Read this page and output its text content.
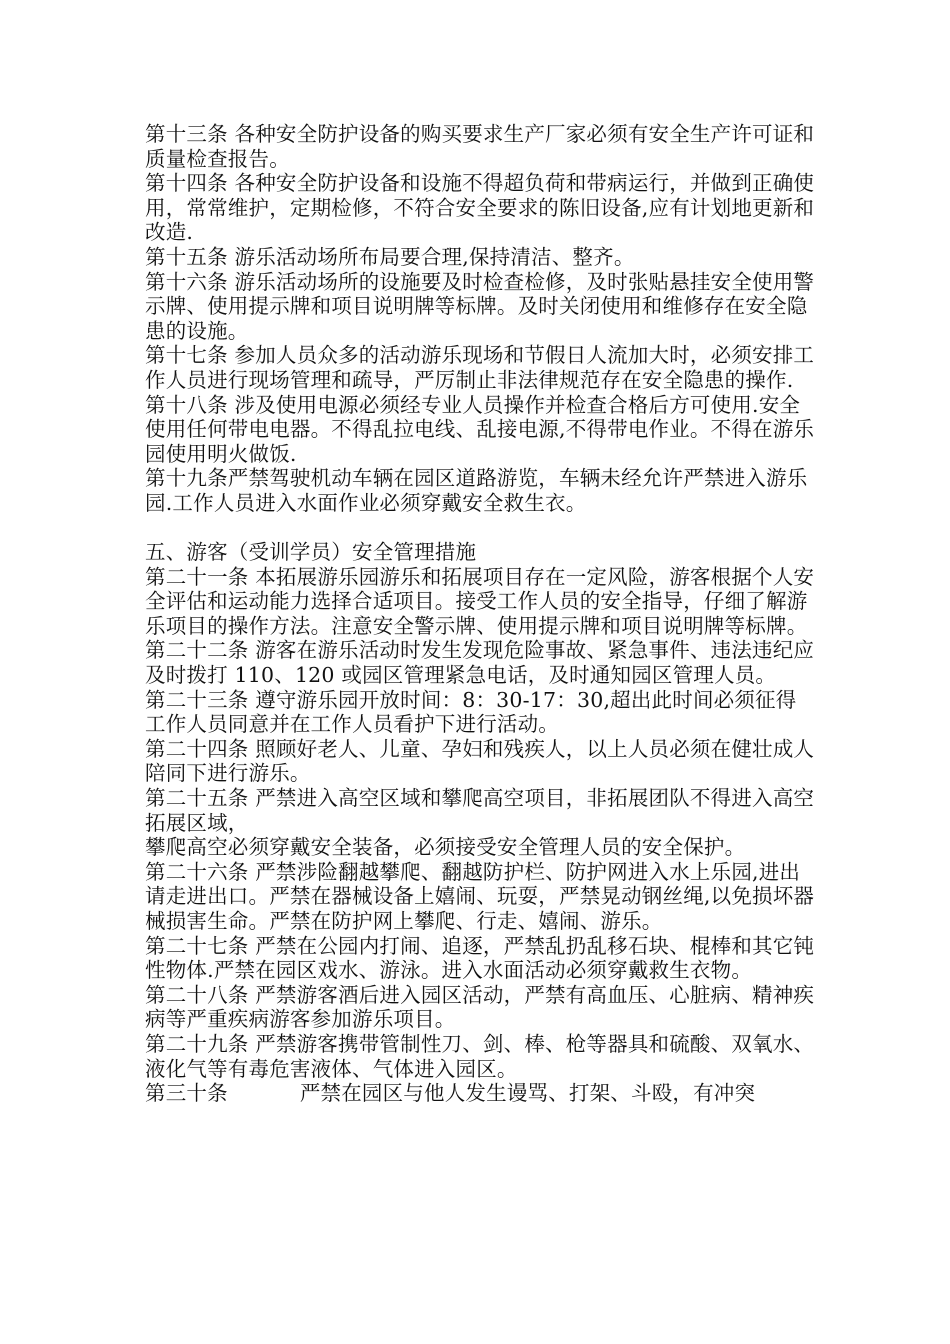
第十三条 各种安全防护设备的购买要求生产厂家必须有安全生产许可证和质量检查报告。

第十四条 各种安全防护设备和设施不得超负荷和带病运行，并做到正确使用，常常维护，定期检修，不符合安全要求的陈旧设备,应有计划地更新和改造.

第十五条 游乐活动场所布局要合理,保持清洁、整齐。

第十六条 游乐活动场所的设施要及时检查检修，及时张贴悬挂安全使用警示牌、使用提示牌和项目说明牌等标牌。及时关闭使用和维修存在安全隐患的设施。

第十七条 参加人员众多的活动游乐现场和节假日人流加大时，必须安排工作人员进行现场管理和疏导，严厉制止非法律规范存在安全隐患的操作.

第十八条 涉及使用电源必须经专业人员操作并检查合格后方可使用.安全使用任何带电电器。不得乱拉电线、乱接电源,不得带电作业。不得在游乐园使用明火做饭.

第十九条严禁驾驶机动车辆在园区道路游览，车辆未经允许严禁进入游乐园.工作人员进入水面作业必须穿戴安全救生衣。

五、游客（受训学员）安全管理措施

第二十一条 本拓展游乐园游乐和拓展项目存在一定风险，游客根据个人安全评估和运动能力选择合适项目。接受工作人员的安全指导，仔细了解游乐项目的操作方法。注意安全警示牌、使用提示牌和项目说明牌等标牌。

第二十二条 游客在游乐活动时发生发现危险事故、紧急事件、违法违纪应及时拨打 110、120 或园区管理紧急电话，及时通知园区管理人员。

第二十三条 遵守游乐园开放时间：8：30-17：30,超出此时间必须征得工作人员同意并在工作人员看护下进行活动。

第二十四条 照顾好老人、儿童、孕妇和残疾人，以上人员必须在健壮成人陪同下进行游乐。

第二十五条 严禁进入高空区域和攀爬高空项目，非拓展团队不得进入高空拓展区域，

攀爬高空必须穿戴安全装备，必须接受安全管理人员的安全保护。

第二十六条 严禁涉险翻越攀爬、翻越防护栏、防护网进入水上乐园,进出请走进出口。严禁在器械设备上嬉闹、玩耍，严禁晃动钢丝绳,以免损坏器械损害生命。严禁在防护网上攀爬、行走、嬉闹、游乐。

第二十七条 严禁在公园内打闹、追逐，严禁乱扔乱移石块、棍棒和其它钝性物体.严禁在园区戏水、游泳。进入水面活动必须穿戴救生衣物。

第二十八条 严禁游客酒后进入园区活动，严禁有高血压、心脏病、精神疾病等严重疾病游客参加游乐项目。

第二十九条 严禁游客携带管制性刀、剑、棒、枪等器具和硫酸、双氧水、液化气等有毒危害液体、气体进入园区。

第三十条	严禁在园区与他人发生谩骂、打架、斗殴，有冲突
